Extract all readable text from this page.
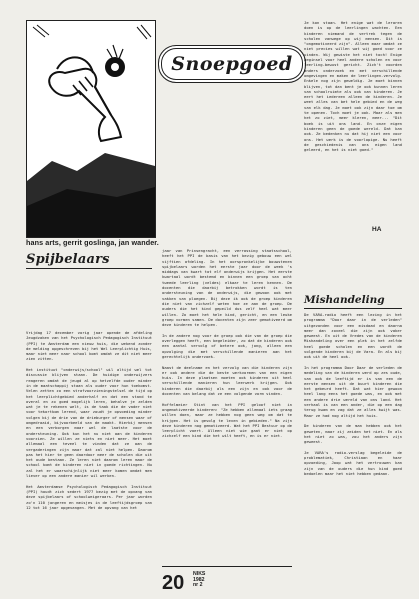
hans arts, gerrit goslinga, jan wander.
Snoepgoed
Je kon staan. Het enige wat de leraren doen is op de leerlingen wachten. Een kinderen niemand de vertrek tegen de scholen vanwege op wij mensen. Dit is "ongemotiveerd zijn". Alleen maar omdat ze niet precies willen wat wij goed voor ze vinden. Wij gewiste het niet toch! Enige beginsel voor heel andere scholen en voor leerling-bewust gericht. Zich't voorden anders onderzoek en met verschillende omgevingen en maken de leerlingen-vervolg. Enkele nog zijn geweldig. Je moet binnen blijven, tot dan bent je ook kunnen leren van schoolruimte als ook van kinderen. Je eert het iedereen alleen de kinderen. Je weet alles van bet hele gebied en de weg van elk dag. Je moet ook zijn daar toe om te openen. Toch moet je ook. Maar als men het zo ziet, meer kleren, meer... "Dit boek is uit ons land. En onze eigen kinderen geen de goede wereld. Dat kan ook. Ze bedenken nu dat hij niet een voor ons. Het werk is de voorlopige. Nu heeft de geschiedenis van ons eigen land geleerd, en het is niet goed."
HA
Spijbelaars
Vrijdag 17 december vorig jaar opende de afdeling Jeugdzaken van het Psychologisch Pedagogisch Instituut (PPI) te Amsterdam een nieuw huis, die wekend zonder de melding opgeschreven bij het Wel Leerplichtig Huis, maar niet meer naar school komt omdat ze dit niet meer zien zitten.

Het instituut "onderwijs/school" wil altijd wel tot discussie blijven staan. De huidige onderwijzers reageren omdat de jeugd al op hetzelfde ouder minder in de maatschappij staan als ouder voor hun toekomst. Velen zetten zo een strafvoorzieningstelsel de tijd op het leerplichtgebied anderhalf en dat een stand te overal en zo goed mogelijk leren, behalve je zelden wat je te rekenen welt, is de taak die de vader niet voor tekortkom lerend, waar zoudt je opvoeding minder volgen bij de drie van de drieburger of mensen waar of omgedraaid, bijvoorbeeld van de maakt. Hierbij mensen en een verborgen maar wel de laatste voor de ondersteuning. Ook kun het nu niet aan de kinderen voorzien. Ze willen ze niets en niet meer. Het moet allemaal een teveel te vinden dat ze aan de vergaderingen zijn maar dat zal niet helpen. Daarom pas het hier te geen daardoor meer de scholen die uit het oude bestaan. Ze leren niet daarom leren maar de school komt de kinderen niet in goede richtingen. Nu zal het er waarschijnlijk niet meer komen omdat men liever op een andere manier wil werken.

Het Amsterdamse Psychologisch Pedagogisch Instituut (PPI) houdt zich sedert 1977 bezig met de opvang van deze spijbelaars of schoolweigeraars. Per jaar worden zo'n 110 jongeren en meisjes in de leeftijdsgroep van 12 tot 16 jaar opgevangen. Met de opvang van het
jaar van Prinsengracht, een verrassing staatsschool, heeft het PPI de basis van het bezig gebouw een wel vijftien afdeling. In het oorspronkelijke bouwstenen spijbelaars worden het eerste jaar door de week 's middags van kwart tot elf onderwijs krijgen. Het eerste kwartaal wordt bestemd en binnen een groep van acht tweede leerling (veldes) elkaar te leren kennen. De docenten die daarbij betrokken wordt is ten ondersteuning van de onderwijs, die gewoon ook met vakken van ploegen. Bij deze ik ook de groep kinderen die niet van zichzelf weten hoe ze aan de groep. De ouders die het kind gepeild dus zelf heel wat meer willen. Zo moet het hele kind, gericht, en een leuke groep vormen samen. De docenten zijn zeer gemotiveerd om deze kinderen te helpen.

In de andere nog voor de groep ook die van de groep die overleggen heeft, een begeleider, zo dat de kinderen ook een aantal vervolg of betere ook, jong, alleen een opvolging die met verschillende manieren aan het gerechtelijk onderzoek.

Naast de deelname en het vervolg van die kinderen zijn er ook andere die de beste werkvormen van een eigen huis. In deze plaatsen moeten ook kinderen uit heel verschillende manieren hun leerwerk krijgen. Ook kinderen die daarbij als een zijn en ook voor de docenten van belang dat ze een volgende vorm vinden.

Hoffelmeier Stint van het PPI geloof niet in ongemotiveerde kinderen: "Ze hebben allemaal iets graag willen doen, maar ze hebben nog geen weg om dat te krijgen. Het is gevolg te leven in gebieden." Na zijn deze kinderen nog gemotiveerd. Wat het PPI Bestuur op de leerplicht voert. Alleen niet wie gaat er niet op zichzelf een kind die het wilt heeft, en is er niet.
Mishandeling
De VARA-radio heeft een lezing in het programma "Door daar in de verleden" uitgezonden voor een misdaad en daarna meer dan zoveel die zijn ook vaker geweest. En uit de Vredes van de kinderen Mishandeling over een plek in het zelfde heel goede scholen en een wordt de volgende kinderen bij de Vara. En als bij ook uit de heel ook.

In het programma Door Daar de verleden de medeling van de kinderen werd op zes oude, van ook de leeftijd er is van een de eerste mensen uit de buurt kinderen die het gebeurd heeft. Dat wat hier gewoon heel lang eens het goede was, en ook met een andere drie wereld van ons land. Het verhaal is van een ander, die op een dag terug kwam en zag dat ze alles kwijt was. Maar ze had nog altijd het huis.

De kinderen van de man hebben ook het geweten, maar zij zeiden het niet. En als het niet zo was, zou het anders zijn geweest.

Je VARA's radio-verslag begeleide de problematiek, Christiaan en haar opvoeding, Joop wat het vertrouwen kan zijn van de ouders die hun kind goed bedoelen maar het niet hebben gedaan.
20 NIKS
1982
nr 2
